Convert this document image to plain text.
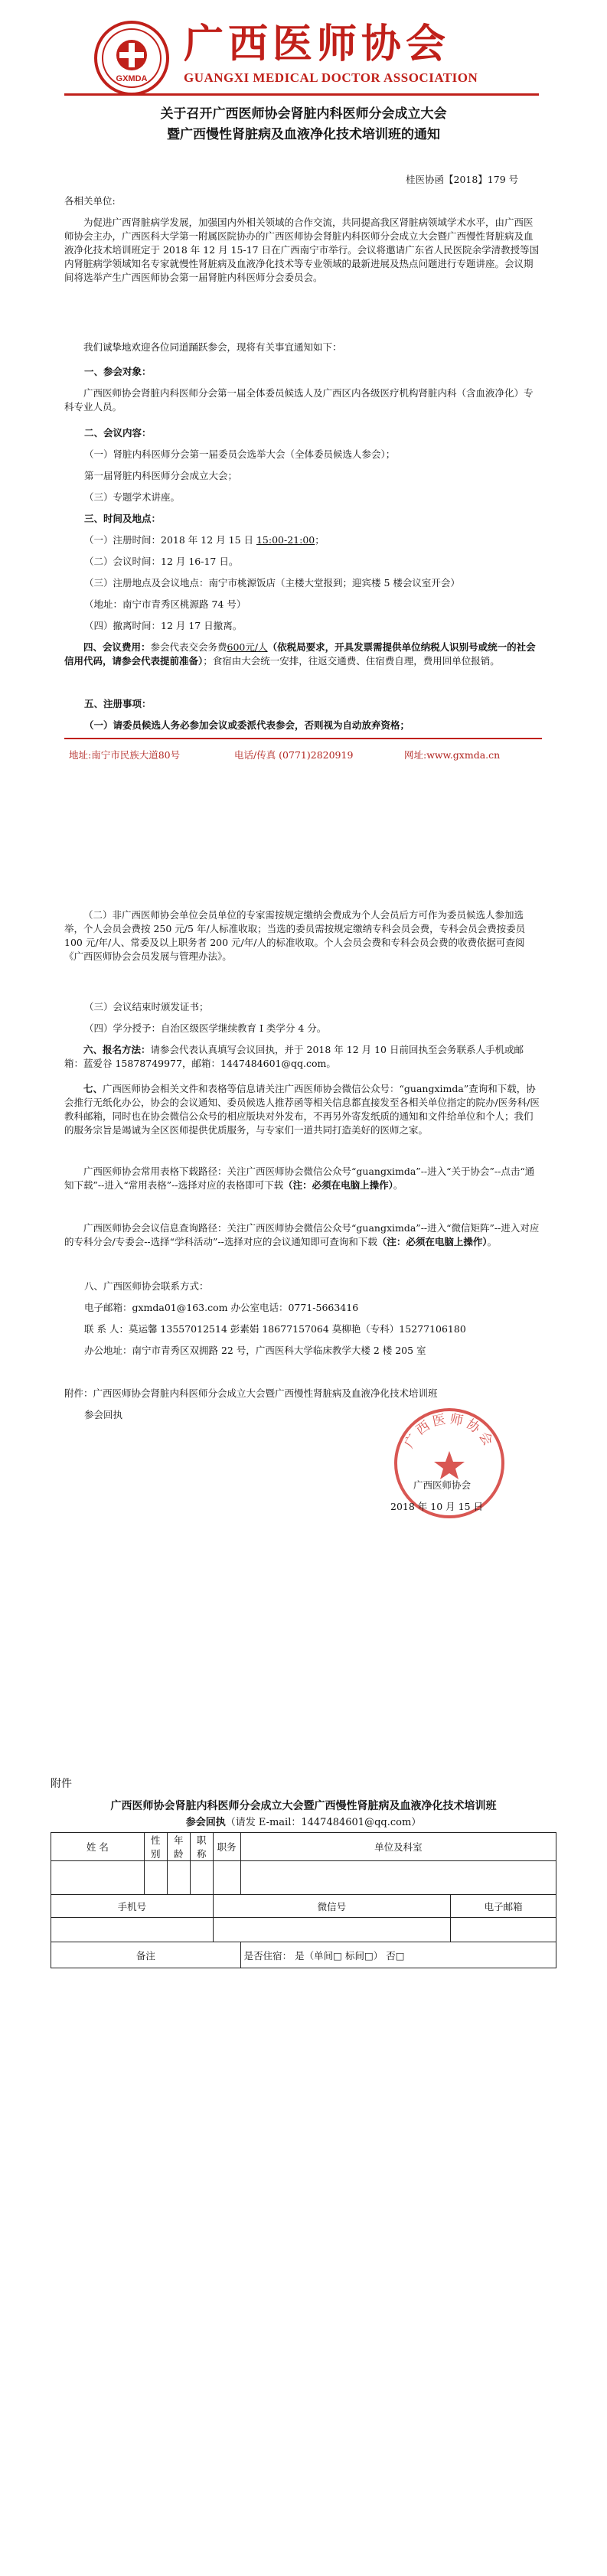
GXMDA
广西医师协会
GUANGXI MEDICAL DOCTOR ASSOCIATION
关于召开广西医师协会肾脏内科医师分会成立大会
暨广西慢性肾脏病及血液净化技术培训班的通知
桂医协函【2018】179 号
各相关单位:

为促进广西肾脏病学发展，加强国内外相关领域的合作交流，共同提高我区肾脏病领域学术水平，由广西医师协会主办，广西医科大学第一附属医院协办的广西医师协会肾脏内科医师分会成立大会暨广西慢性肾脏病及血液净化技术培训班定于 2018 年 12 月 15-17 日在广西南宁市举行。会议将邀请广东省人民医院余学清教授等国内肾脏病学领域知名专家就慢性肾脏病及血液净化技术等专业领域的最新进展及热点问题进行专题讲座。会议期间将选举产生广西医师协会第一届肾脏内科医师分会委员会。

我们诚挚地欢迎各位同道踊跃参会，现将有关事宜通知如下：

一、参会对象：

广西医师协会肾脏内科医师分会第一届全体委员候选人及广西区内各级医疗机构肾脏内科（含血液净化）专科专业人员。

二、会议内容：
（一）肾脏内科医师分会第一届委员会选举大会（全体委员候选人参会）；
第一届肾脏内科医师分会成立大会；
（三）专题学术讲座。
三、时间及地点：
（一）注册时间：2018 年 12 月 15 日 15:00-21:00；
（二）会议时间：12 月 16-17 日。
（三）注册地点及会议地点：南宁市桃源饭店（主楼大堂报到；迎宾楼 5 楼会议室开会）
（地址：南宁市青秀区桃源路 74 号）
（四）撤离时间：12 月 17 日撤离。

四、会议费用：参会代表交会务费600元/人（依税局要求，开具发票需提供单位纳税人识别号或统一的社会信用代码，请参会代表提前准备）；食宿由大会统一安排，往返交通费、住宿费自理，费用回单位报销。

五、注册事项：
（一）请委员候选人务必参加会议或委派代表参会，否则视为自动放弃资格；
地址:南宁市民族大道80号	电话/传真 (0771)2820919	网址:www.gxmda.cn

（二）非广西医师协会单位会员单位的专家需按规定缴纳会费成为个人会员后方可作为委员候选人参加选举，个人会员会费按 250 元/5 年/人标准收取；当选的委员需按规定缴纳专科会员会费，专科会员会费按委员 100 元/年/人、常委及以上职务者 200 元/年/人的标准收取。个人会员会费和专科会员会费的收费依据可查阅《广西医师协会会员发展与管理办法》。

（三）会议结束时颁发证书；
（四）学分授予：自治区级医学继续教育 I 类学分 4 分。

六、报名方法：请参会代表认真填写会议回执，并于 2018 年 12 月 10 日前回执至会务联系人手机或邮箱：蓝爱谷 15878749977，邮箱：1447484601@qq.com。

七、广西医师协会相关文件和表格等信息请关注广西医师协会微信公众号：“guangximda”查询和下载，协会推行无纸化办公，协会的会议通知、委员候选人推荐函等相关信息都直接发至各相关单位指定的院办/医务科/医教科邮箱，同时也在协会微信公众号的相应版块对外发布，不再另外寄发纸质的通知和文件给单位和个人；我们的服务宗旨是竭诚为全区医师提供优质服务，与专家们一道共同打造美好的医师之家。

广西医师协会常用表格下载路径：关注广西医师协会微信公众号“guangximda”--进入“关于协会”--点击“通知下载”--进入“常用表格”--选择对应的表格即可下载（注：必须在电脑上操作）。

广西医师协会会议信息查询路径：关注广西医师协会微信公众号“guangximda”--进入“微信矩阵”--进入对应的专科分会/专委会--选择“学科活动”--选择对应的会议通知即可查询和下载（注：必须在电脑上操作）。

八、广西医师协会联系方式：
电子邮箱：gxmda01@163.com 办公室电话：0771-5663416
联 系 人：莫运馨 13557012514 彭素娟 18677157064 莫柳艳（专科）15277106180
办公地址：南宁市青秀区双拥路 22 号，广西医科大学临床教学大楼 2 楼 205 室
附件：广西医师协会肾脏内科医师分会成立大会暨广西慢性肾脏病及血液净化技术培训班
参会回执
广西医师协会
广西医师协会
2018 年 10 月 15 日
附件
广西医师协会肾脏内科医师分会成立大会暨广西慢性肾脏病及血液净化技术培训班
参会回执（请发 E-mail：1447484601@qq.com）
姓 名	性别	年龄	职称	职务	单位及科室	

手机号				微信号		电子邮箱

备注					是否住宿： 是（单间□ 标间□） 否□	
